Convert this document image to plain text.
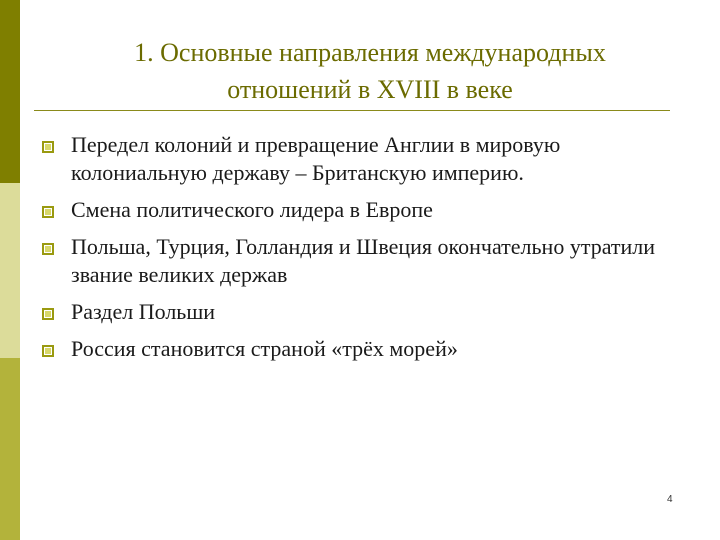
1. Основные направления международных
отношений в XVIII в веке
Передел колоний и превращение Англии в мировую колониальную державу – Британскую империю.
Смена политического лидера в Европе
Польша, Турция, Голландия и Швеция окончательно утратили звание великих держав
Раздел Польши
Россия становится страной «трёх морей»
4
